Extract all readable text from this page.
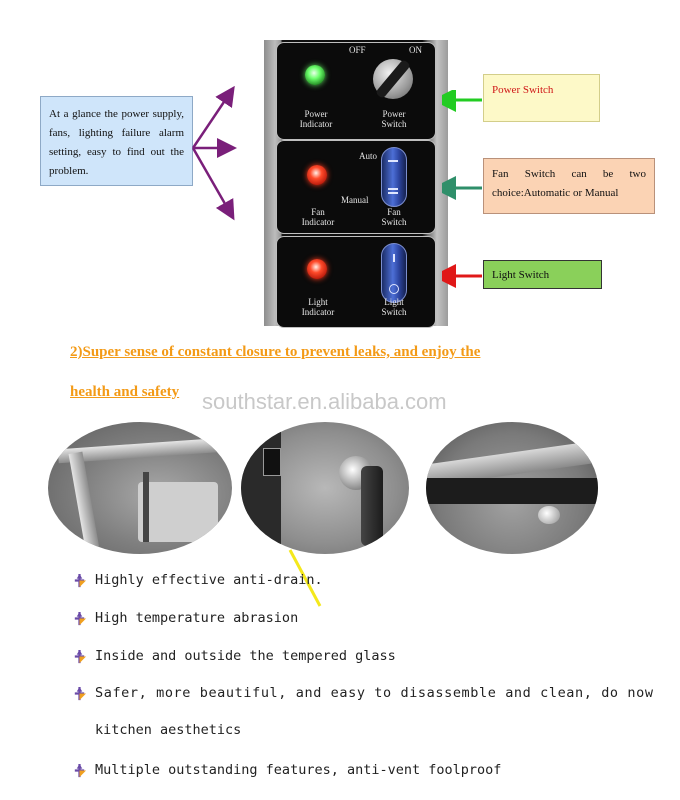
At a glance the power supply, fans, lighting failure alarm setting, easy to find out the problem.
OFF	ON
Power
Indicator
Power
Switch
Auto
Manual
Fan
Indicator
Fan
Switch
Light
Indicator
Light
Switch
Power Switch
Fan Switch can be two choice:Automatic or Manual
Light Switch
2)Super sense of constant closure to prevent leaks, and enjoy the
health and safety southstar.en.alibaba.com
Highly effective anti-drain.
High temperature abrasion
Inside and outside the tempered glass
Safer, more beautiful, and easy to disassemble and clean, do now
kitchen aesthetics
Multiple outstanding features, anti-vent foolproof
